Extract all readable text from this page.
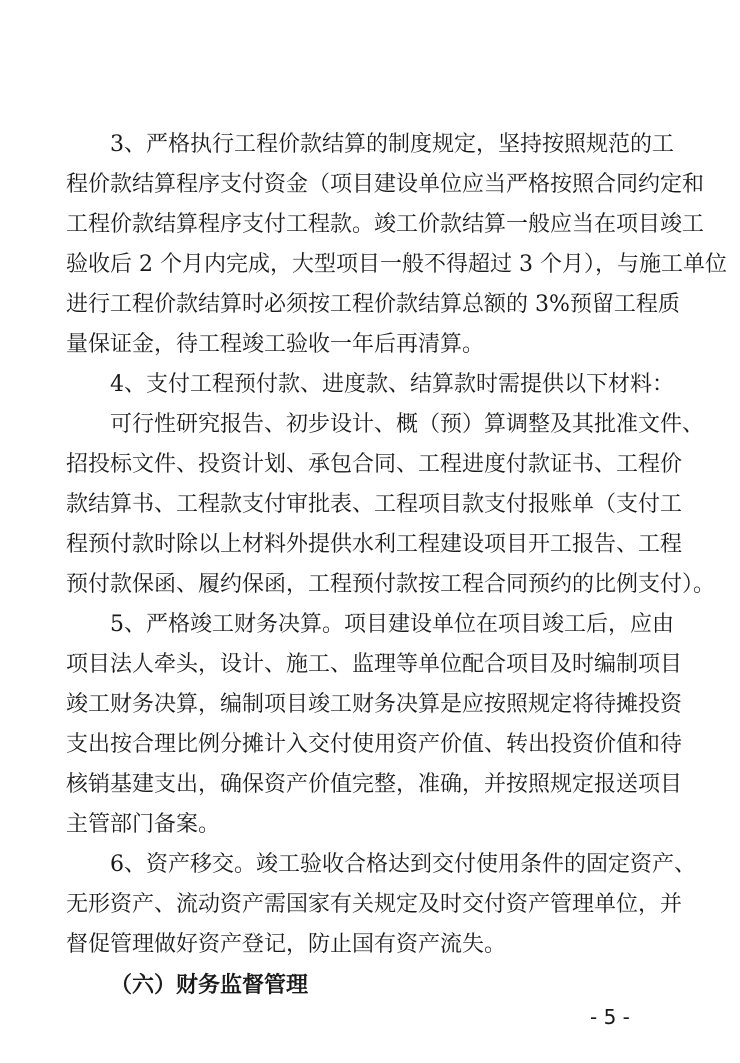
3、严格执行工程价款结算的制度规定，坚持按照规范的工
程价款结算程序支付资金（项目建设单位应当严格按照合同约定和
工程价款结算程序支付工程款。竣工价款结算一般应当在项目竣工
验收后 2 个月内完成，大型项目一般不得超过 3 个月），与施工单位
进行工程价款结算时必须按工程价款结算总额的 3%预留工程质
量保证金，待工程竣工验收一年后再清算。
4、支付工程预付款、进度款、结算款时需提供以下材料：
可行性研究报告、初步设计、概（预）算调整及其批准文件、
招投标文件、投资计划、承包合同、工程进度付款证书、工程价
款结算书、工程款支付审批表、工程项目款支付报账单（支付工
程预付款时除以上材料外提供水利工程建设项目开工报告、工程
预付款保函、履约保函，工程预付款按工程合同预约的比例支付）。
5、严格竣工财务决算。项目建设单位在项目竣工后，应由
项目法人牵头，设计、施工、监理等单位配合项目及时编制项目
竣工财务决算，编制项目竣工财务决算是应按照规定将待摊投资
支出按合理比例分摊计入交付使用资产价值、转出投资价值和待
核销基建支出，确保资产价值完整，准确，并按照规定报送项目
主管部门备案。
6、资产移交。竣工验收合格达到交付使用条件的固定资产、
无形资产、流动资产需国家有关规定及时交付资产管理单位，并
督促管理做好资产登记，防止国有资产流失。
（六）财务监督管理
- 5 -
